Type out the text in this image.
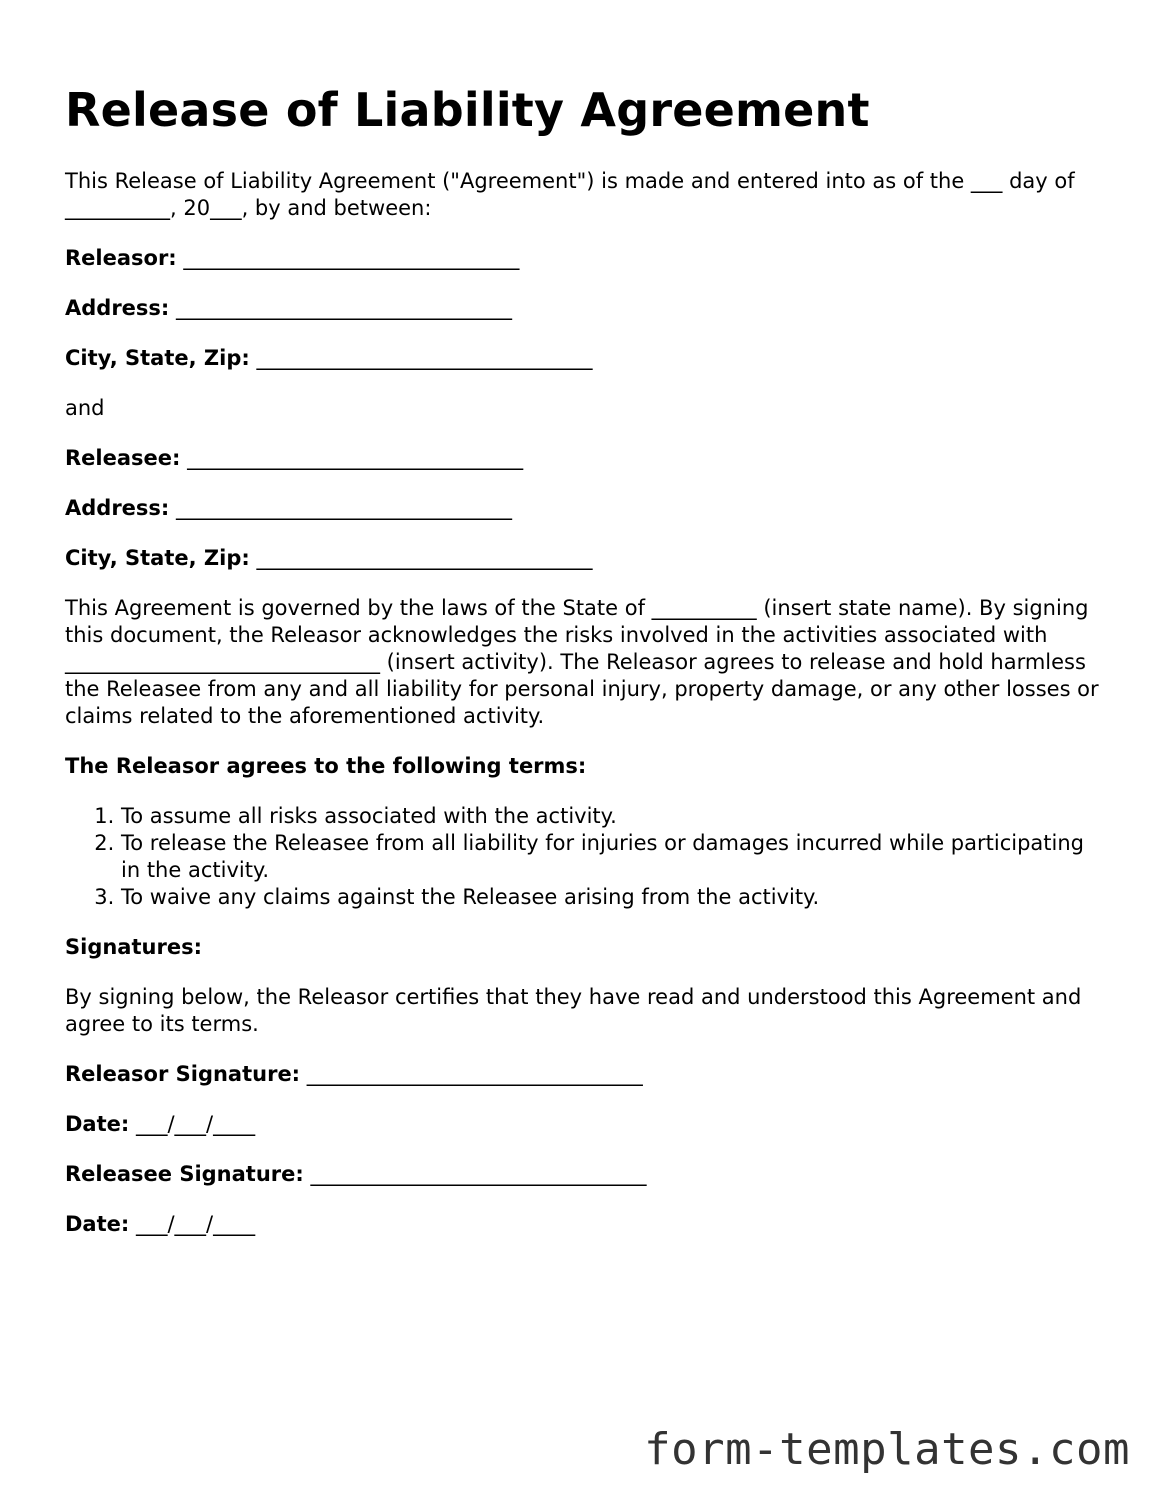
Release of Liability Agreement

This Release of Liability Agreement ("Agreement") is made and entered into as of the ___ day of __________, 20___, by and between:

Releasor: ________________________________

Address: ________________________________

City, State, Zip: ________________________________

and

Releasee: ________________________________

Address: ________________________________

City, State, Zip: ________________________________

This Agreement is governed by the laws of the State of __________ (insert state name). By signing this document, the Releasor acknowledges the risks involved in the activities associated with ______________________________ (insert activity). The Releasor agrees to release and hold harmless the Releasee from any and all liability for personal injury, property damage, or any other losses or claims related to the aforementioned activity.

The Releasor agrees to the following terms:

1. To assume all risks associated with the activity.
2. To release the Releasee from all liability for injuries or damages incurred while participating in the activity.
3. To waive any claims against the Releasee arising from the activity.

Signatures:

By signing below, the Releasor certifies that they have read and understood this Agreement and agree to its terms.

Releasor Signature: ________________________________

Date: ___/___/____

Releasee Signature: ________________________________

Date: ___/___/____

form-templates.com
